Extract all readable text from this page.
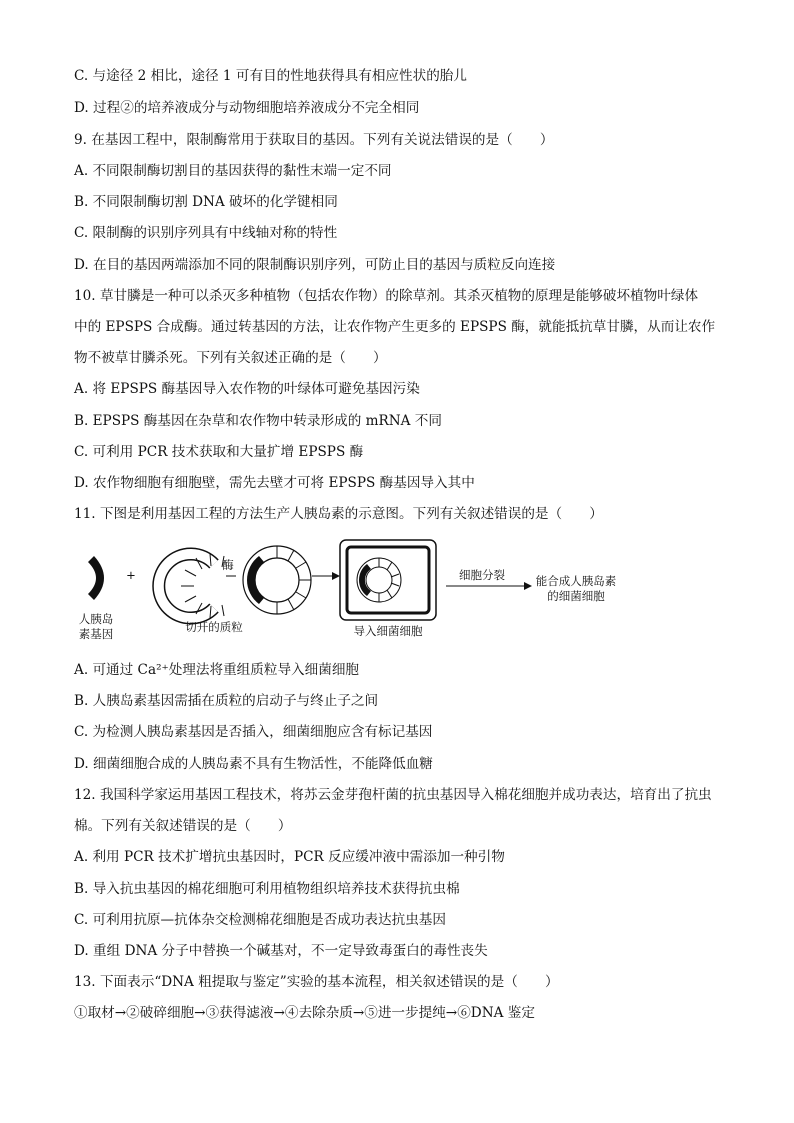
C. 与途径 2 相比，途径 1 可有目的性地获得具有相应性状的胎儿
D. 过程②的培养液成分与动物细胞培养液成分不完全相同
9. 在基因工程中，限制酶常用于获取目的基因。下列有关说法错误的是（　　）
A. 不同限制酶切割目的基因获得的黏性末端一定不同
B. 不同限制酶切割 DNA 破坏的化学键相同
C. 限制酶的识别序列具有中线轴对称的特性
D. 在目的基因两端添加不同的限制酶识别序列，可防止目的基因与质粒反向连接
10. 草甘膦是一种可以杀灭多种植物（包括农作物）的除草剂。其杀灭植物的原理是能够破坏植物叶绿体
中的 EPSPS 合成酶。通过转基因的方法，让农作物产生更多的 EPSPS 酶，就能抵抗草甘膦，从而让农作
物不被草甘膦杀死。下列有关叙述正确的是（　　）
A. 将 EPSPS 酶基因导入农作物的叶绿体可避免基因污染
B. EPSPS 酶基因在杂草和农作物中转录形成的 mRNA 不同
C. 可利用 PCR 技术获取和大量扩增 EPSPS 酶
D. 农作物细胞有细胞壁，需先去壁才可将 EPSPS 酶基因导入其中
11. 下图是利用基因工程的方法生产人胰岛素的示意图。下列有关叙述错误的是（　　）
A. 可通过 Ca²⁺处理法将重组质粒导入细菌细胞
B. 人胰岛素基因需插在质粒的启动子与终止子之间
C. 为检测人胰岛素基因是否插入，细菌细胞应含有标记基因
D. 细菌细胞合成的人胰岛素不具有生物活性，不能降低血糖
12. 我国科学家运用基因工程技术，将苏云金芽孢杆菌的抗虫基因导入棉花细胞并成功表达，培育出了抗虫
棉。下列有关叙述错误的是（　　）
A. 利用 PCR 技术扩增抗虫基因时，PCR 反应缓冲液中需添加一种引物
B. 导入抗虫基因的棉花细胞可利用植物组织培养技术获得抗虫棉
C. 可利用抗原—抗体杂交检测棉花细胞是否成功表达抗虫基因
D. 重组 DNA 分子中替换一个碱基对，不一定导致毒蛋白的毒性丧失
13. 下面表示“DNA 粗提取与鉴定”实验的基本流程，相关叙述错误的是（　　）
①取材→②破碎细胞→③获得滤液→④去除杂质→⑤进一步提纯→⑥DNA 鉴定
人胰岛
素基因
+
切开的质粒
酶
导入细菌细胞
细胞分裂	能合成人胰岛素
的细菌细胞
